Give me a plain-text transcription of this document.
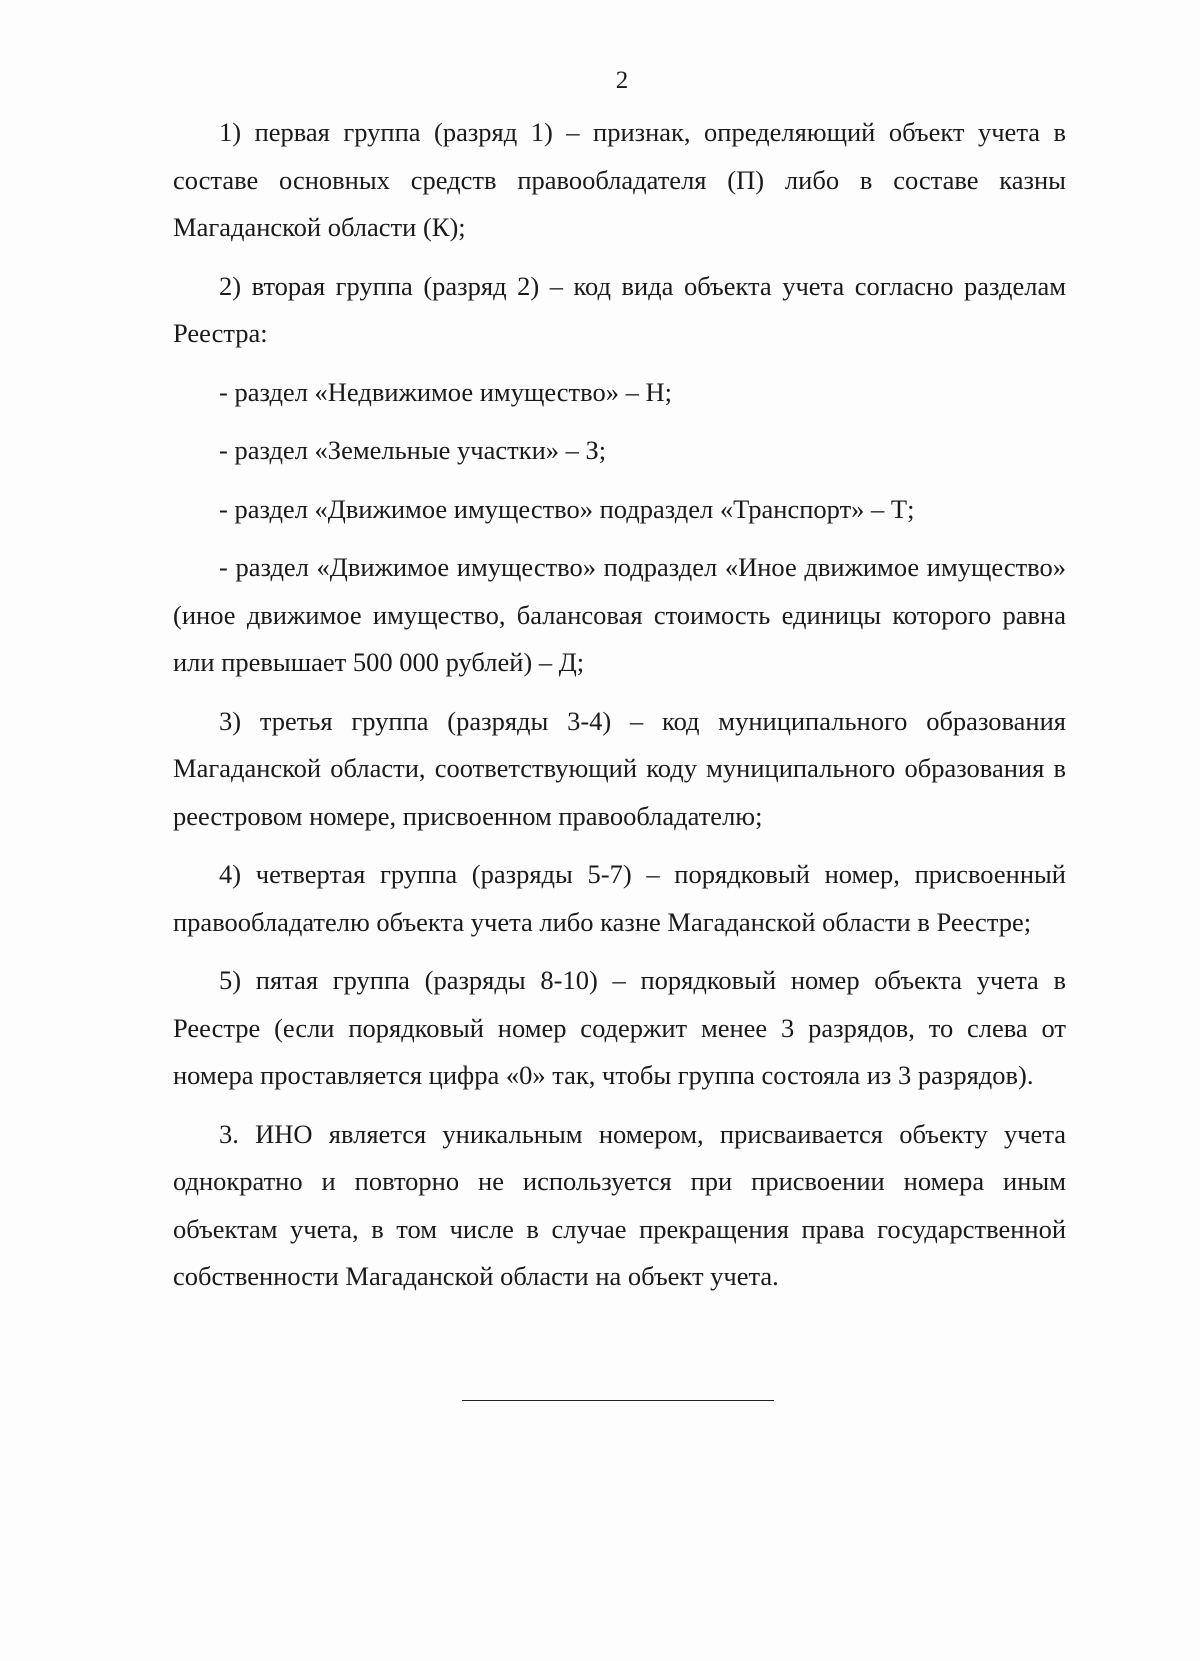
2

1) первая группа (разряд 1) – признак, определяющий объект учета в составе основных средств правообладателя (П) либо в составе казны Магаданской области (К);

2) вторая группа (разряд 2) – код вида объекта учета согласно разделам Реестра:

- раздел «Недвижимое имущество» – Н;

- раздел «Земельные участки» – З;

- раздел «Движимое имущество» подраздел «Транспорт» – Т;

- раздел «Движимое имущество» подраздел «Иное движимое имущество» (иное движимое имущество, балансовая стоимость единицы которого равна или превышает 500 000 рублей) – Д;

3) третья группа (разряды 3-4) – код муниципального образования Магаданской области, соответствующий коду муниципального образования в реестровом номере, присвоенном правообладателю;

4) четвертая группа (разряды 5-7) – порядковый номер, присвоенный правообладателю объекта учета либо казне Магаданской области в Реестре;

5) пятая группа (разряды 8-10) – порядковый номер объекта учета в Реестре (если порядковый номер содержит менее 3 разрядов, то слева от номера проставляется цифра «0» так, чтобы группа состояла из 3 разрядов).

3. ИНО является уникальным номером, присваивается объекту учета однократно и повторно не используется при присвоении номера иным объектам учета, в том числе в случае прекращения права государственной собственности Магаданской области на объект учета.
